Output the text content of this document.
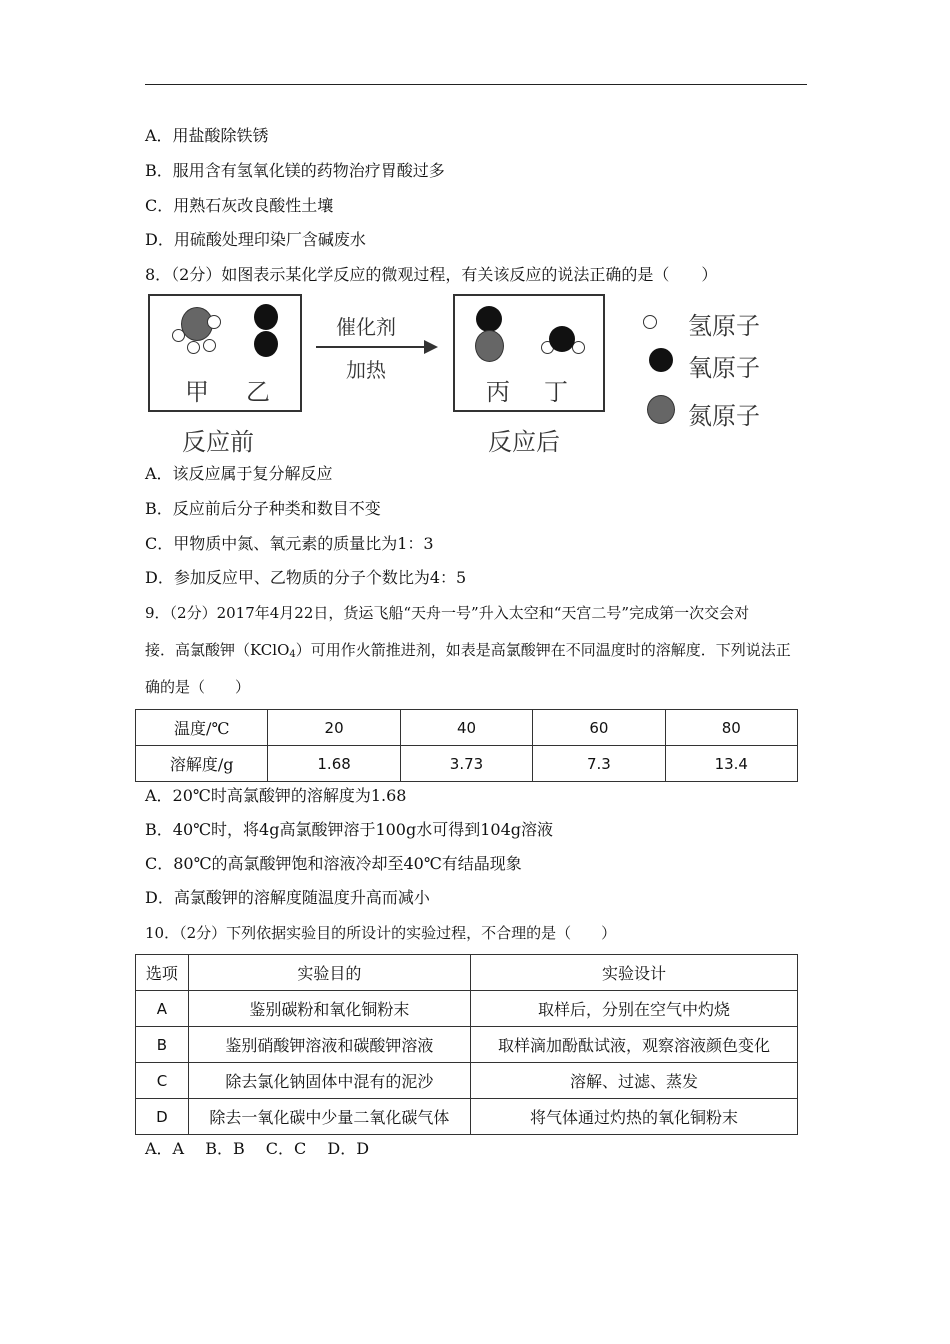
A．用盐酸除铁锈
B．服用含有氢氧化镁的药物治疗胃酸过多
C．用熟石灰改良酸性土壤
D．用硫酸处理印染厂含碱废水
8．（2分）如图表示某化学反应的微观过程，有关该反应的说法正确的是（　　）
甲 乙
反应前
催化剂
加热
丙 丁
反应后
氢原子
氧原子
氮原子
A．该反应属于复分解反应
B．反应前后分子种类和数目不变
C．甲物质中氮、氧元素的质量比为1：3
D．参加反应甲、乙物质的分子个数比为4：5
9．（2分）2017年4月22日，货运飞船“天舟一号”升入太空和“天宫二号”完成第一次交会对
接．高氯酸钾（KClO$_4$）可用作火箭推进剂，如表是高氯酸钾在不同温度时的溶解度．下列说法正
确的是（　　）
温度/℃	20	40	60	80
溶解度/g	1.68	3.73	7.3	13.4
A．20℃时高氯酸钾的溶解度为1.68
B．40℃时，将4g高氯酸钾溶于100g水可得到104g溶液
C．80℃的高氯酸钾饱和溶液冷却至40℃有结晶现象
D．高氯酸钾的溶解度随温度升高而减小
10．（2分）下列依据实验目的所设计的实验过程，不合理的是（　　）
选项	实验目的	实验设计
A	鉴别碳粉和氧化铜粉末	取样后，分别在空气中灼烧
B	鉴别硝酸钾溶液和碳酸钾溶液	取样滴加酚酞试液，观察溶液颜色变化
C	除去氯化钠固体中混有的泥沙	溶解、过滤、蒸发
D	除去一氧化碳中少量二氧化碳气体	将气体通过灼热的氧化铜粉末
A．A　 B．B　 C．C　 D．D
